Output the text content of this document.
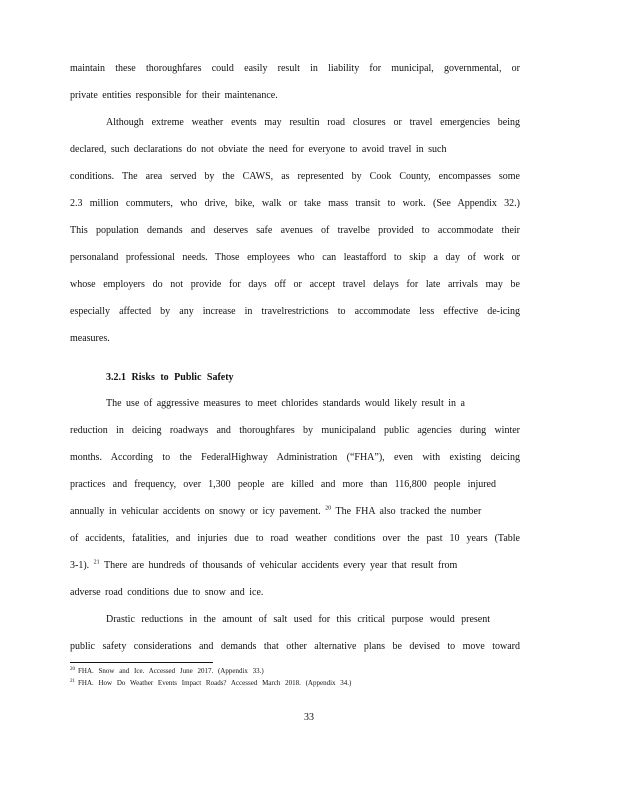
maintain these thoroughfares could easily result in liability for municipal, governmental, or
private entities responsible for their maintenance.
Although extreme weather events may resultin road closures or travel emergencies being
declared, such declarations do not obviate the need for everyone to avoid travel in such
conditions. The area served by the CAWS, as represented by Cook County, encompasses some
2.3 million commuters, who drive, bike, walk or take mass transit to work. (See Appendix 32.)
This population demands and deserves safe avenues of travelbe provided to accommodate their
personaland professional needs. Those employees who can leastafford to skip a day of work or
whose employers do not provide for days off or accept travel delays for late arrivals may be
especially affected by any increase in travelrestrictions to accommodate less effective de-icing
measures.
3.2.1 Risks to Public Safety
The use of aggressive measures to meet chlorides standards would likely result in a
reduction in deicing roadways and thoroughfares by municipaland public agencies during winter
months. According to the FederalHighway Administration (“FHA”), even with existing deicing
practices and frequency, over 1,300 people are killed and more than 116,800 people injured
annually in vehicular accidents on snowy or icy pavement. $^{20}$ The FHA also tracked the number
of accidents, fatalities, and injuries due to road weather conditions over the past 10 years (Table
3-1). $^{21}$ There are hundreds of thousands of vehicular accidents every year that result from
adverse road conditions due to snow and ice.
Drastic reductions in the amount of salt used for this critical purpose would present
public safety considerations and demands that other alternative plans be devised to move toward
$^{20}$ FHA. Snow and Ice. Accessed June 2017. (Appendix 33.)
$^{21}$ FHA. How Do Weather Events Impact Roads? Accessed March 2018. (Appendix 34.)
33
